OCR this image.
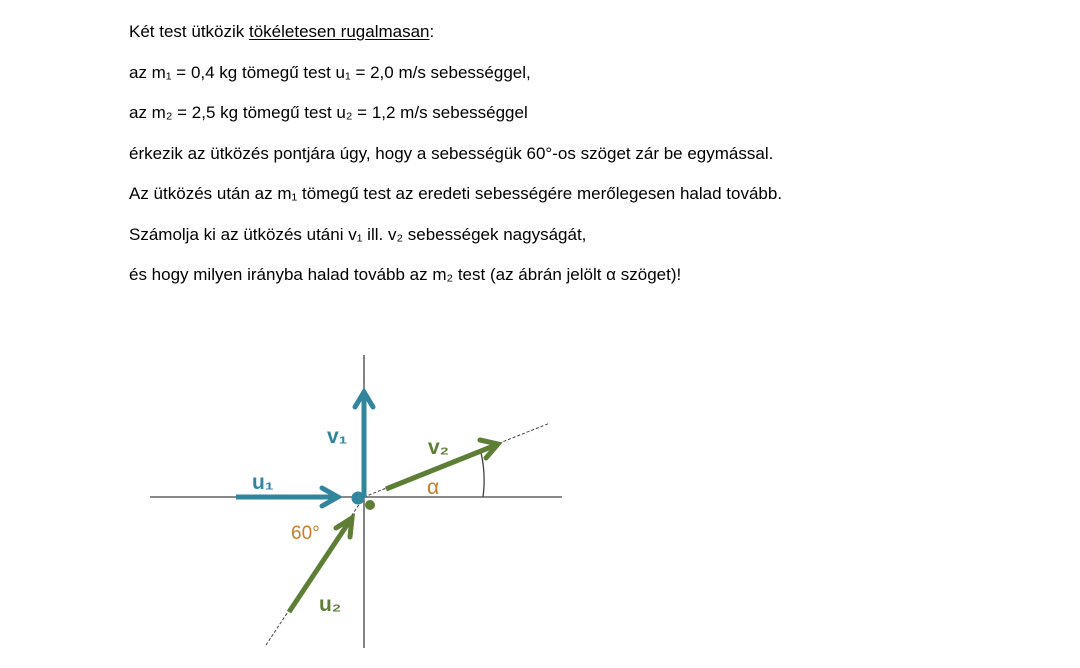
Két test ütközik tökéletesen rugalmasan:
az m₁ = 0,4 kg tömegű test u₁ = 2,0 m/s sebességgel,
az m₂ = 2,5 kg tömegű test u₂ = 1,2 m/s sebességgel
érkezik az ütközés pontjára úgy, hogy a sebességük 60°-os szöget zár be egymással.
Az ütközés után az m₁ tömegű test az eredeti sebességére merőlegesen halad tovább.
Számolja ki az ütközés utáni v₁ ill. v₂ sebességek nagyságát,
és hogy milyen irányba halad tovább az m₂ test (az ábrán jelölt α szöget)!
u₁
v₁	v₂
u₂
60°
α
